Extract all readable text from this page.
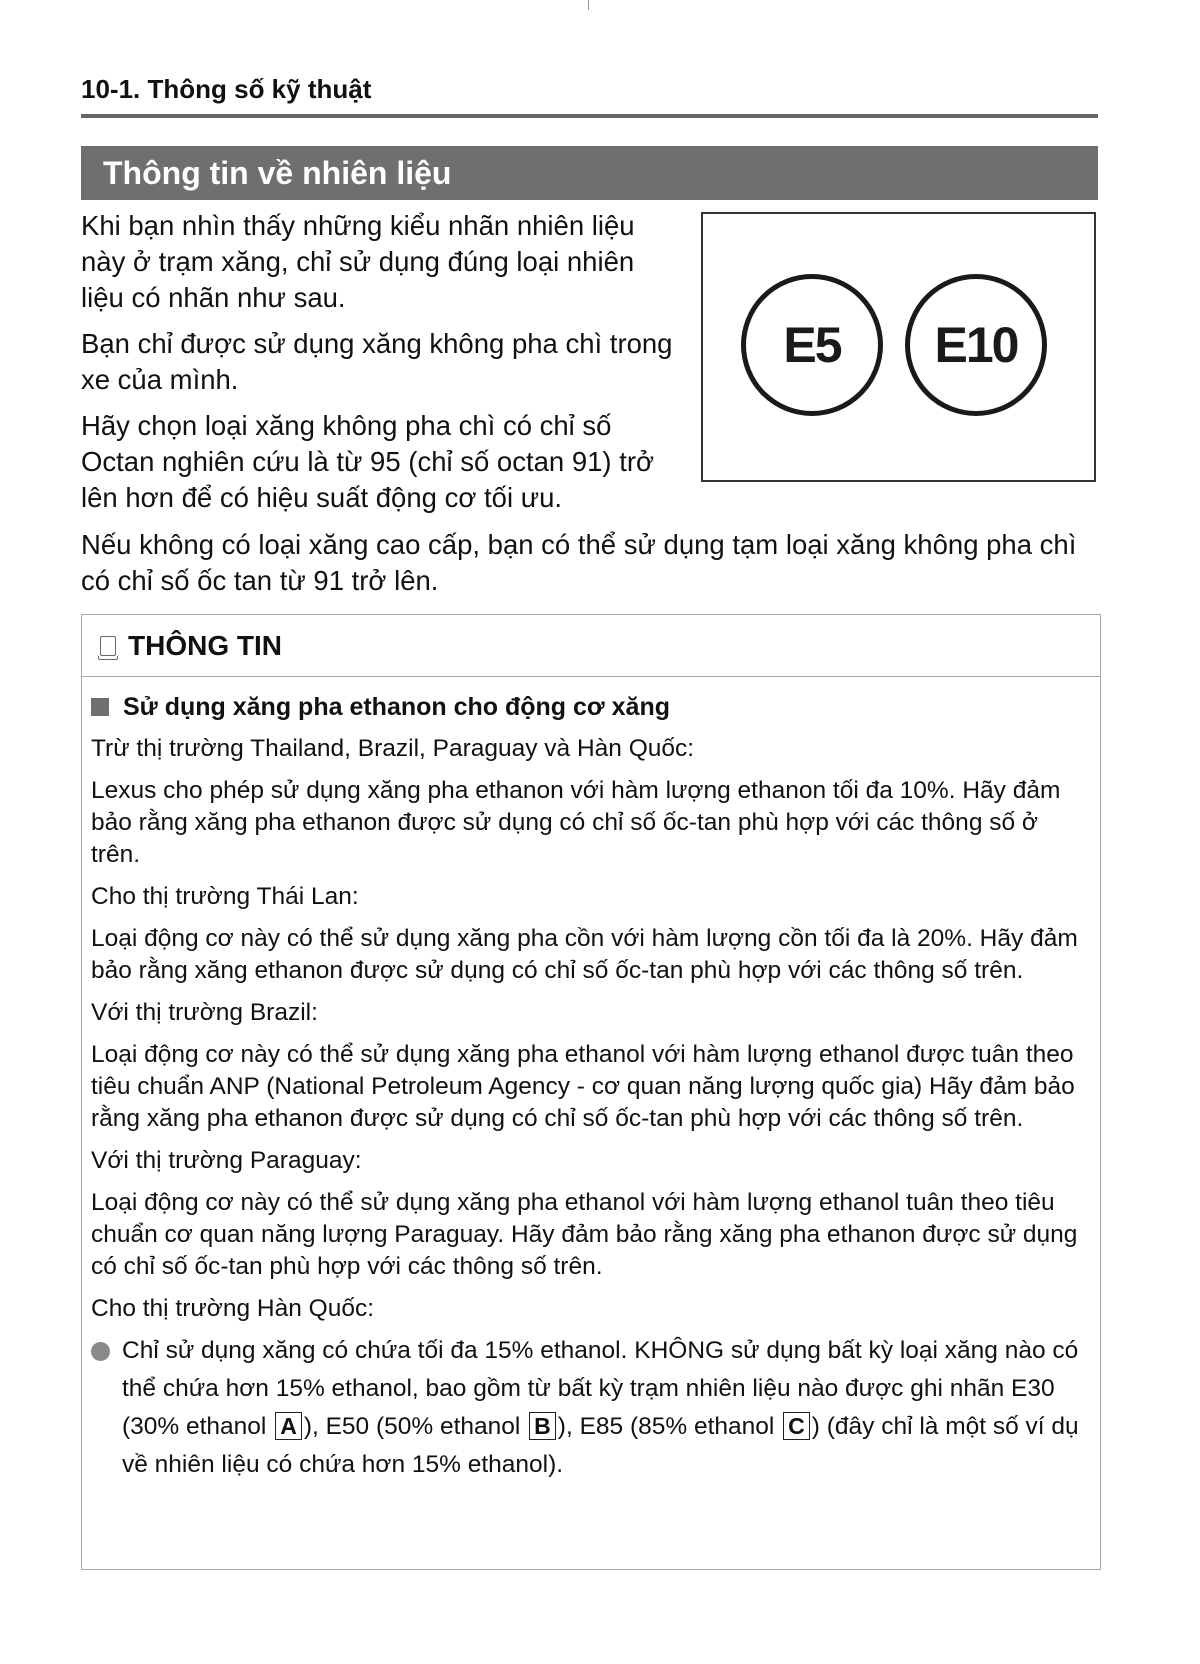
10-1. Thông số kỹ thuật
Thông tin về nhiên liệu

Khi bạn nhìn thấy những kiểu nhãn nhiên liệu này ở trạm xăng, chỉ sử dụng đúng loại nhiên liệu có nhãn như sau.

Bạn chỉ được sử dụng xăng không pha chì trong xe của mình.

Hãy chọn loại xăng không pha chì có chỉ số Octan nghiên cứu là từ 95 (chỉ số octan 91) trở lên hơn để có hiệu suất động cơ tối ưu.

E5	E10

Nếu không có loại xăng cao cấp, bạn có thể sử dụng tạm loại xăng không pha chì có chỉ số ốc tan từ 91 trở lên.

THÔNG TIN
Sử dụng xăng pha ethanon cho động cơ xăng

Trừ thị trường Thailand, Brazil, Paraguay và Hàn Quốc:

Lexus cho phép sử dụng xăng pha ethanon với hàm lượng ethanon tối đa 10%. Hãy đảm bảo rằng xăng pha ethanon được sử dụng có chỉ số ốc-tan phù hợp với các thông số ở trên.

Cho thị trường Thái Lan:

Loại động cơ này có thể sử dụng xăng pha cồn với hàm lượng cồn tối đa là 20%. Hãy đảm bảo rằng xăng ethanon được sử dụng có chỉ số ốc-tan phù hợp với các thông số trên.

Với thị trường Brazil:

Loại động cơ này có thể sử dụng xăng pha ethanol với hàm lượng ethanol được tuân theo tiêu chuẩn ANP (National Petroleum Agency - cơ quan năng lượng quốc gia) Hãy đảm bảo rằng xăng pha ethanon được sử dụng có chỉ số ốc-tan phù hợp với các thông số trên.

Với thị trường Paraguay:

Loại động cơ này có thể sử dụng xăng pha ethanol với hàm lượng ethanol tuân theo tiêu chuẩn cơ quan năng lượng Paraguay. Hãy đảm bảo rằng xăng pha ethanon được sử dụng có chỉ số ốc-tan phù hợp với các thông số trên.

Cho thị trường Hàn Quốc:

Chỉ sử dụng xăng có chứa tối đa 15% ethanol. KHÔNG sử dụng bất kỳ loại xăng nào có thể chứa hơn 15% ethanol, bao gồm từ bất kỳ trạm nhiên liệu nào được ghi nhãn E30 (30% ethanol A ), E50 (50% ethanol B ), E85 (85% ethanol C ) (đây chỉ là một số ví dụ về nhiên liệu có chứa hơn 15% ethanol).
